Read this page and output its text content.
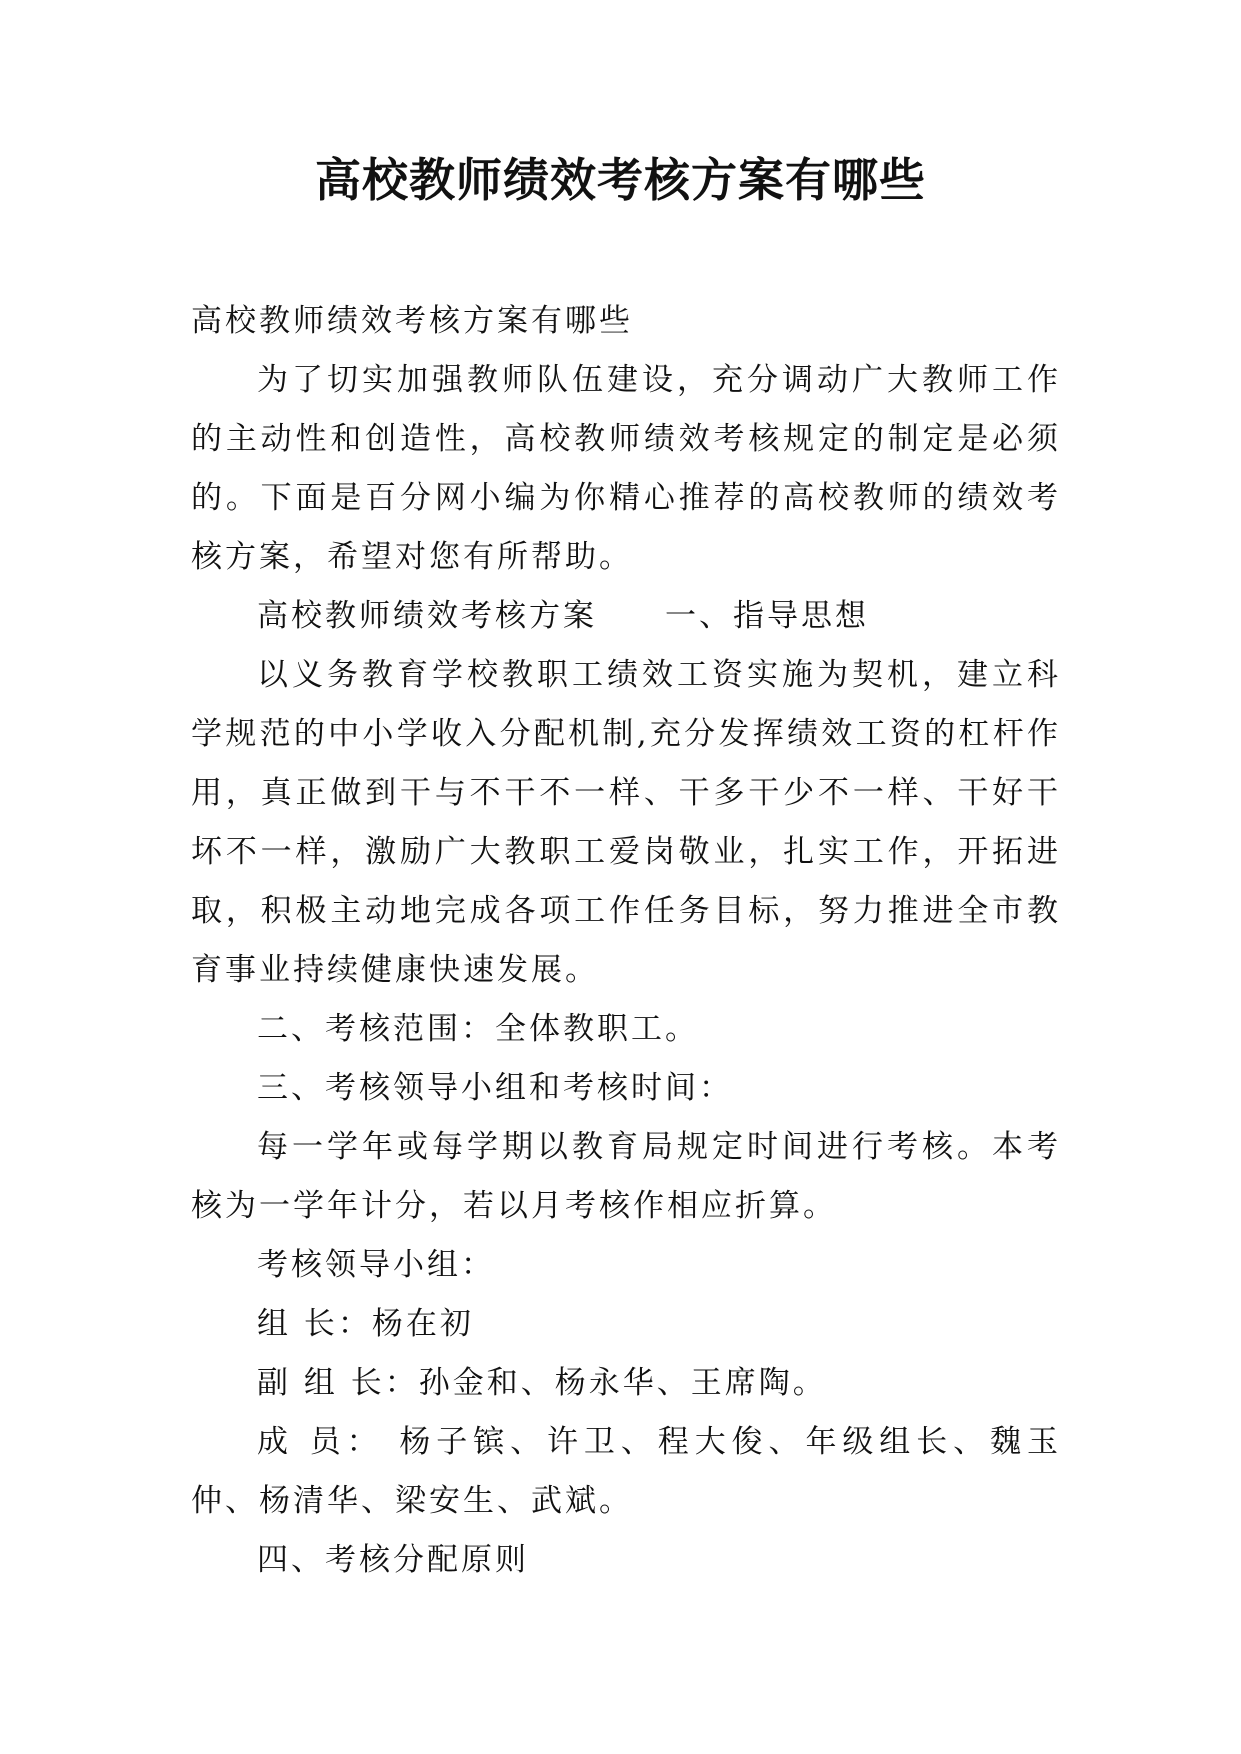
高校教师绩效考核方案有哪些

高校教师绩效考核方案有哪些

为了切实加强教师队伍建设，充分调动广大教师工作的主动性和创造性，高校教师绩效考核规定的制定是必须的。下面是百分网小编为你精心推荐的高校教师的绩效考核方案，希望对您有所帮助。

高校教师绩效考核方案　　一、指导思想

以义务教育学校教职工绩效工资实施为契机，建立科学规范的中小学收入分配机制,充分发挥绩效工资的杠杆作用，真正做到干与不干不一样、干多干少不一样、干好干坏不一样，激励广大教职工爱岗敬业，扎实工作，开拓进取，积极主动地完成各项工作任务目标，努力推进全市教育事业持续健康快速发展。

二、考核范围：全体教职工。

三、考核领导小组和考核时间：

每一学年或每学期以教育局规定时间进行考核。本考核为一学年计分，若以月考核作相应折算。

考核领导小组：

组 长：杨在初

副 组 长：孙金和、杨永华、王席陶。

成 员： 杨子镔、许卫、程大俊、年级组长、魏玉仲、杨清华、梁安生、武斌。

四、考核分配原则
